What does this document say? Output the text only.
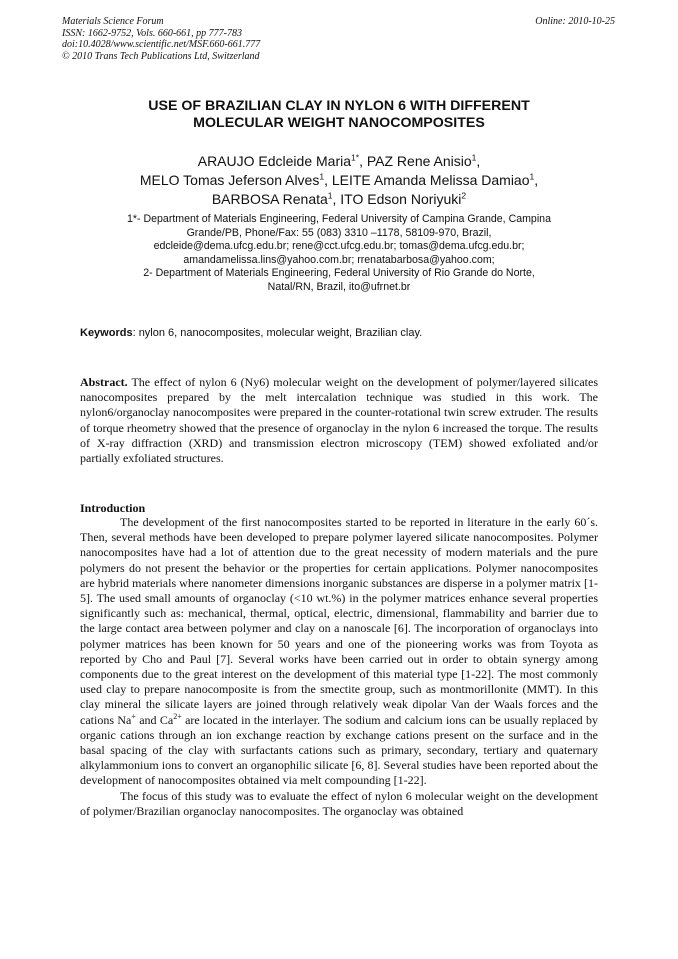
Materials Science Forum
ISSN: 1662-9752, Vols. 660-661, pp 777-783
doi:10.4028/www.scientific.net/MSF.660-661.777
© 2010 Trans Tech Publications Ltd, Switzerland
Online: 2010-10-25
USE OF BRAZILIAN CLAY IN NYLON 6 WITH DIFFERENT
MOLECULAR WEIGHT NANOCOMPOSITES
ARAUJO Edcleide Maria$^{1*}$, PAZ Rene Anisio$^1$,
MELO Tomas Jeferson Alves$^1$, LEITE Amanda Melissa Damiao$^1$,
BARBOSA Renata$^1$, ITO Edson Noriyuki$^2$
1*- Department of Materials Engineering, Federal University of Campina Grande, Campina
Grande/PB, Phone/Fax: 55 (083) 3310 –1178, 58109-970, Brazil,
edcleide@dema.ufcg.edu.br; rene@cct.ufcg.edu.br; tomas@dema.ufcg.edu.br;
amandamelissa.lins@yahoo.com.br; rrenatabarbosa@yahoo.com;
2- Department of Materials Engineering, Federal University of Rio Grande do Norte,
Natal/RN, Brazil, ito@ufrnet.br
Keywords: nylon 6, nanocomposites, molecular weight, Brazilian clay.
Abstract. The effect of nylon 6 (Ny6) molecular weight on the development of polymer/layered silicates nanocomposites prepared by the melt intercalation technique was studied in this work. The nylon6/organoclay nanocomposites were prepared in the counter-rotational twin screw extruder. The results of torque rheometry showed that the presence of organoclay in the nylon 6 increased the torque. The results of X-ray diffraction (XRD) and transmission electron microscopy (TEM) showed exfoliated and/or partially exfoliated structures.
Introduction

The development of the first nanocomposites started to be reported in literature in the early 60´s. Then, several methods have been developed to prepare polymer layered silicate nanocomposites. Polymer nanocomposites have had a lot of attention due to the great necessity of modern materials and the pure polymers do not present the behavior or the properties for certain applications. Polymer nanocomposites are hybrid materials where nanometer dimensions inorganic substances are disperse in a polymer matrix [1-5]. The used small amounts of organoclay (<10 wt.%) in the polymer matrices enhance several properties significantly such as: mechanical, thermal, optical, electric, dimensional, flammability and barrier due to the large contact area between polymer and clay on a nanoscale [6]. The incorporation of organoclays into polymer matrices has been known for 50 years and one of the pioneering works was from Toyota as reported by Cho and Paul [7]. Several works have been carried out in order to obtain synergy among components due to the great interest on the development of this material type [1-22]. The most commonly used clay to prepare nanocomposite is from the smectite group, such as montmorillonite (MMT). In this clay mineral the silicate layers are joined through relatively weak dipolar Van der Waals forces and the cations Na+ and $Ca^{2+}$ are located in the interlayer. The sodium and calcium ions can be usually replaced by organic cations through an ion exchange reaction by exchange cations present on the surface and in the basal spacing of the clay with surfactants cations such as primary, secondary, tertiary and quaternary alkylammonium ions to convert an organophilic silicate [6, 8]. Several studies have been reported about the development of nanocomposites obtained via melt compounding [1-22].

The focus of this study was to evaluate the effect of nylon 6 molecular weight on the development of polymer/Brazilian organoclay nanocomposites. The organoclay was obtained
